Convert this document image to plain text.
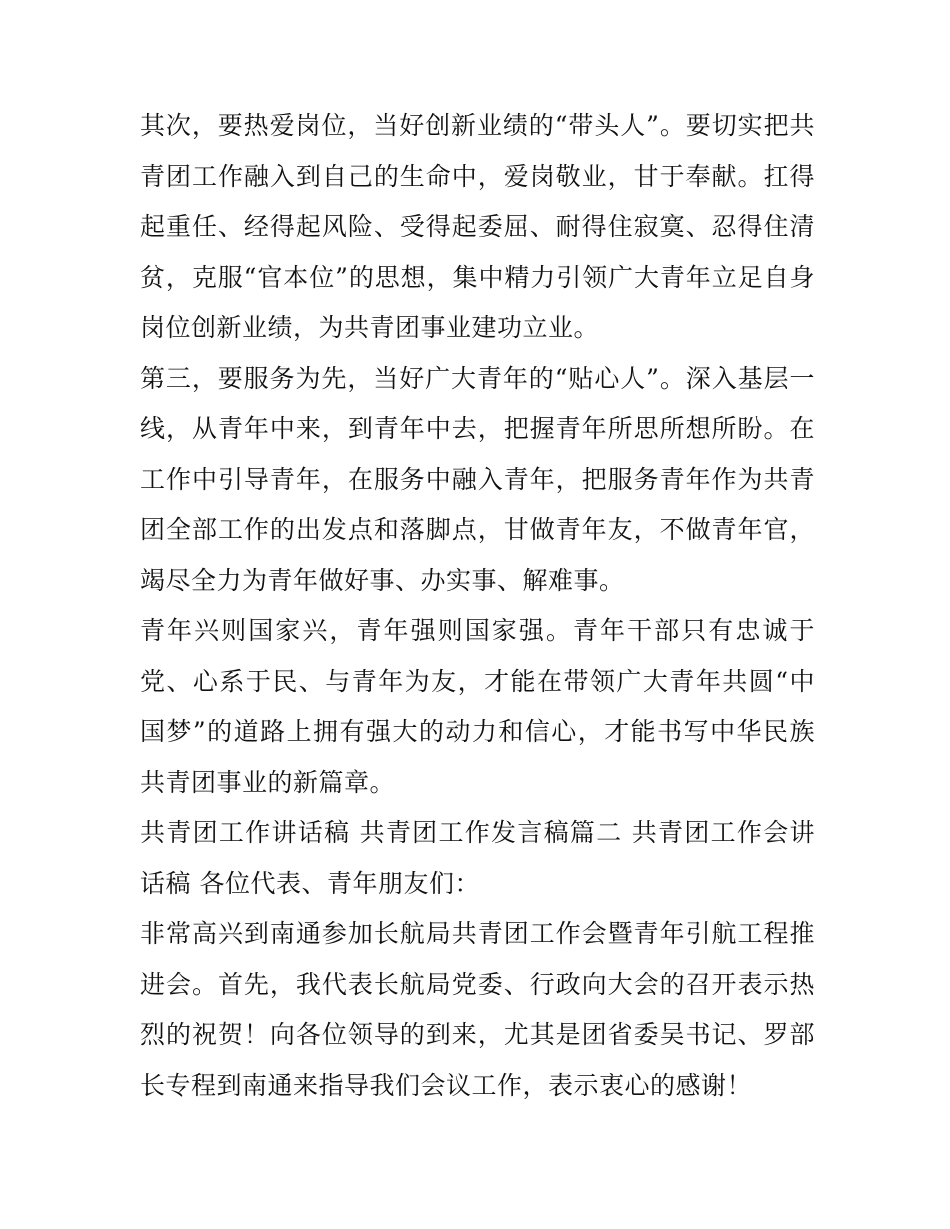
其次，要热爱岗位，当好创新业绩的“带头人”。要切实把共青团工作融入到自己的生命中，爱岗敬业，甘于奉献。扛得起重任、经得起风险、受得起委屈、耐得住寂寞、忍得住清贫，克服“官本位”的思想，集中精力引领广大青年立足自身岗位创新业绩，为共青团事业建功立业。

第三，要服务为先，当好广大青年的“贴心人”。深入基层一线，从青年中来，到青年中去，把握青年所思所想所盼。在工作中引导青年，在服务中融入青年，把服务青年作为共青团全部工作的出发点和落脚点，甘做青年友，不做青年官，竭尽全力为青年做好事、办实事、解难事。

青年兴则国家兴，青年强则国家强。青年干部只有忠诚于党、心系于民、与青年为友，才能在带领广大青年共圆“中国梦”的道路上拥有强大的动力和信心，才能书写中华民族共青团事业的新篇章。

共青团工作讲话稿 共青团工作发言稿篇二 共青团工作会讲话稿 各位代表、青年朋友们：

非常高兴到南通参加长航局共青团工作会暨青年引航工程推进会。首先，我代表长航局党委、行政向大会的召开表示热烈的祝贺！向各位领导的到来，尤其是团省委吴书记、罗部长专程到南通来指导我们会议工作，表示衷心的感谢！
